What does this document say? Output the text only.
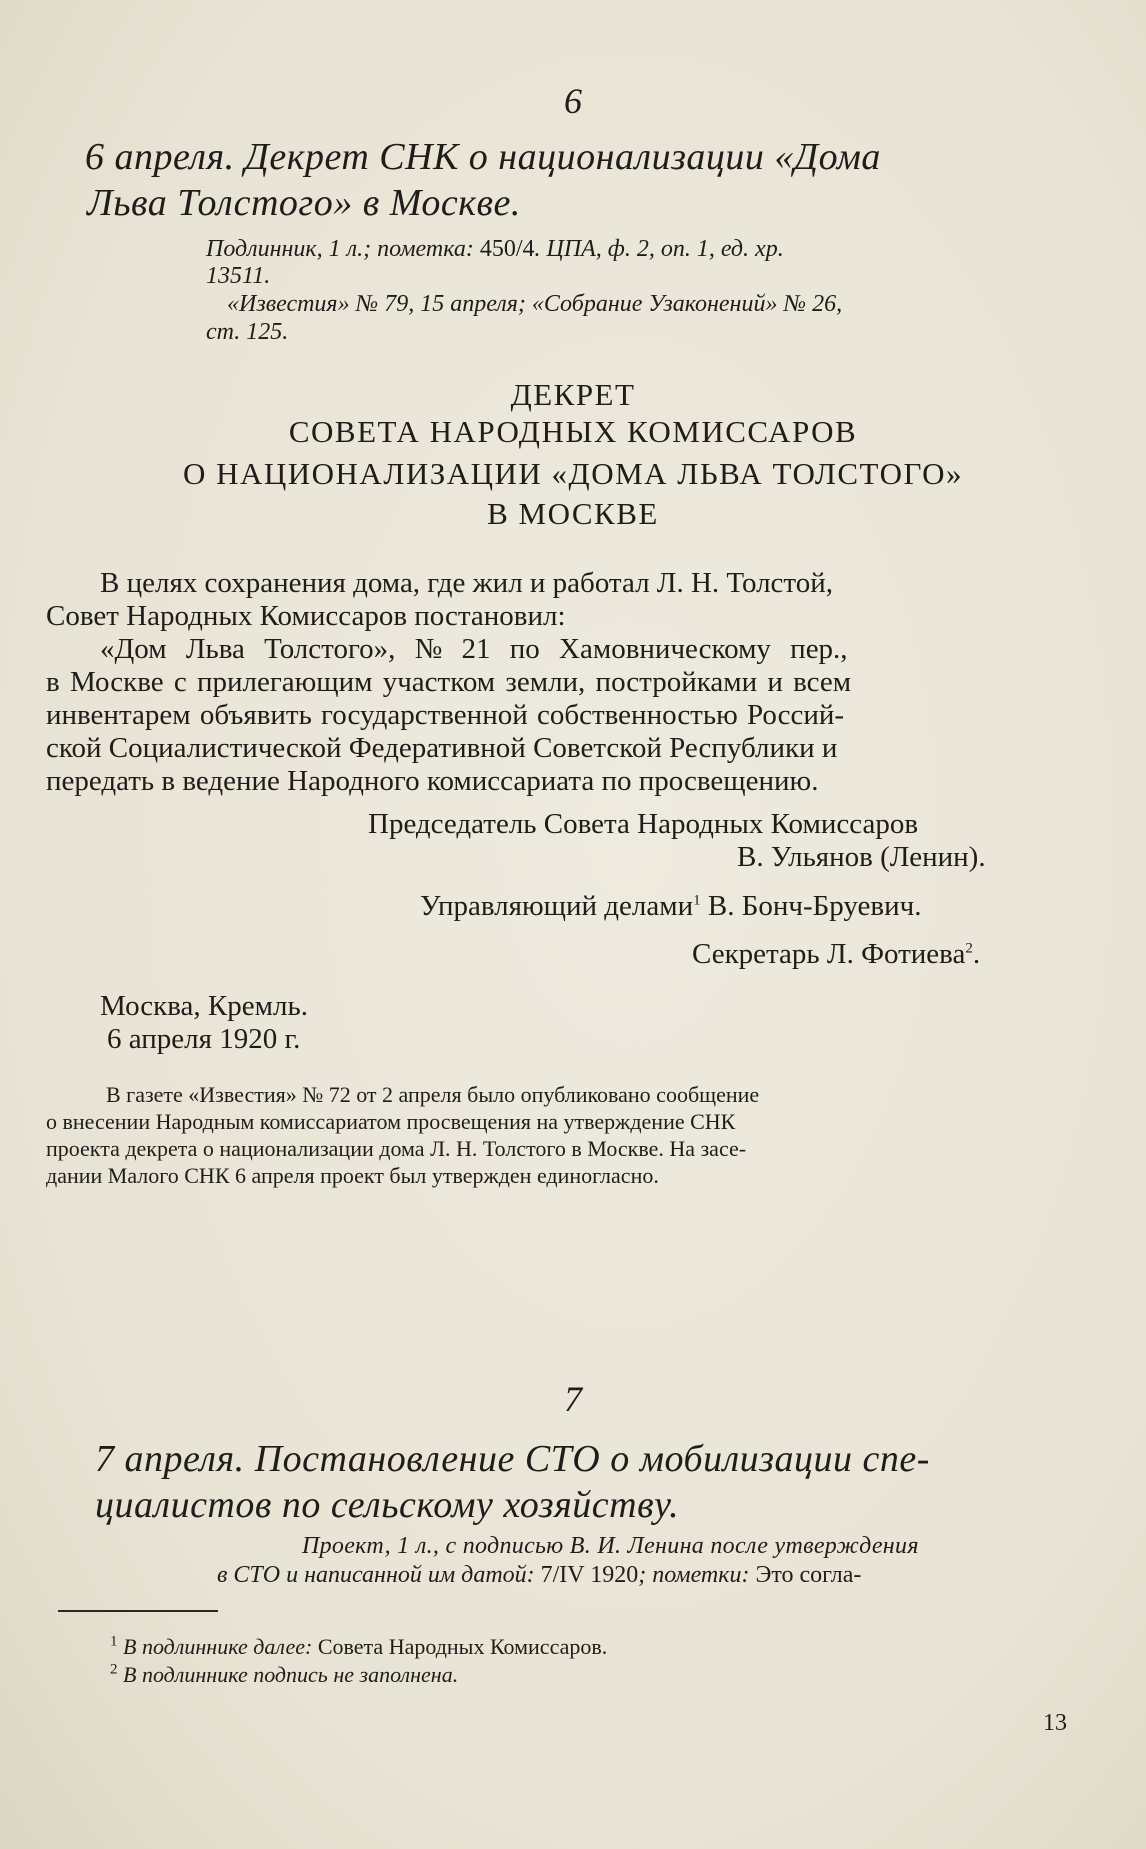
6
6 апреля. Декрет СНК о национализации «Дома
Льва Толстого» в Москве.
Подлинник, 1 л.; пометка: 450/4. ЦПА, ф. 2, оп. 1, ед. хр.
13511.
«Известия» № 79, 15 апреля; «Собрание Узаконений» № 26,
ст. 125.
ДЕКРЕТ
СОВЕТА НАРОДНЫХ КОМИССАРОВ
О НАЦИОНАЛИЗАЦИИ «ДОМА ЛЬВА ТОЛСТОГО»
В МОСКВЕ
В целях сохранения дома, где жил и работал Л. Н. Толстой,
Совет Народных Комиссаров постановил:
«Дом Льва Толстого», № 21 по Хамовническому пер.,
в Москве с прилегающим участком земли, постройками и всем
инвентарем объявить государственной собственностью Россий-
ской Социалистической Федеративной Советской Республики и
передать в ведение Народного комиссариата по просвещению.
Председатель Совета Народных Комиссаров
В. Ульянов (Ленин).
Управляющий делами$^1$ В. Бонч-Бруевич.
Секретарь Л. Фотиева$^2$.
Москва, Кремль.
6 апреля 1920 г.
В газете «Известия» № 72 от 2 апреля было опубликовано сообщение
о внесении Народным комиссариатом просвещения на утверждение СНК
проекта декрета о национализации дома Л. Н. Толстого в Москве. На засе-
дании Малого СНК 6 апреля проект был утвержден единогласно.
7
7 апреля. Постановление СТО о мобилизации спе-
циалистов по сельскому хозяйству.
Проект, 1 л., с подписью В. И. Ленина после утверждения
в СТО и написанной им датой: 7/IV 1920; пометки: Это согла-
$^1$ В подлиннике далее: Совета Народных Комиссаров.
$^2$ В подлиннике подпись не заполнена.
13
